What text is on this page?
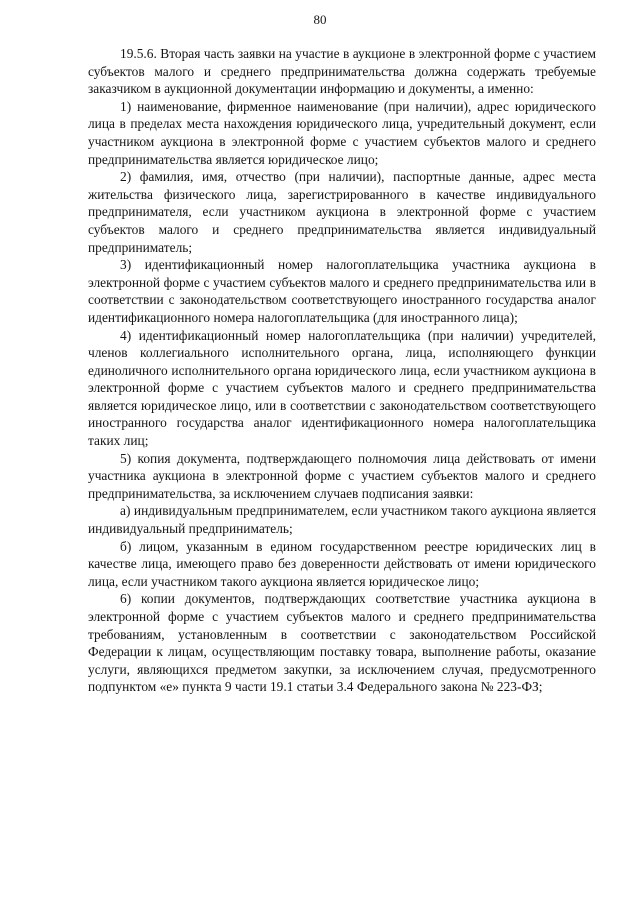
80

19.5.6. Вторая часть заявки на участие в аукционе в электронной форме с участием субъектов малого и среднего предпринимательства должна содержать требуемые заказчиком в аукционной документации информацию и документы, а именно:

1) наименование, фирменное наименование (при наличии), адрес юридического лица в пределах места нахождения юридического лица, учредительный документ, если участником аукциона в электронной форме с участием субъектов малого и среднего предпринимательства является юридическое лицо;

2) фамилия, имя, отчество (при наличии), паспортные данные, адрес места жительства физического лица, зарегистрированного в качестве индивидуального предпринимателя, если участником аукциона в электронной форме с участием субъектов малого и среднего предпринимательства является индивидуальный предприниматель;

3) идентификационный номер налогоплательщика участника аукциона в электронной форме с участием субъектов малого и среднего предпринимательства или в соответствии с законодательством соответствующего иностранного государства аналог идентификационного номера налогоплательщика (для иностранного лица);

4) идентификационный номер налогоплательщика (при наличии) учредителей, членов коллегиального исполнительного органа, лица, исполняющего функции единоличного исполнительного органа юридического лица, если участником аукциона в электронной форме с участием субъектов малого и среднего предпринимательства является юридическое лицо, или в соответствии с законодательством соответствующего иностранного государства аналог идентификационного номера налогоплательщика таких лиц;

5) копия документа, подтверждающего полномочия лица действовать от имени участника аукциона в электронной форме с участием субъектов малого и среднего предпринимательства, за исключением случаев подписания заявки:

а) индивидуальным предпринимателем, если участником такого аукциона является индивидуальный предприниматель;

б) лицом, указанным в едином государственном реестре юридических лиц в качестве лица, имеющего право без доверенности действовать от имени юридического лица, если участником такого аукциона является юридическое лицо;

6) копии документов, подтверждающих соответствие участника аукциона в электронной форме с участием субъектов малого и среднего предпринимательства требованиям, установленным в соответствии с законодательством Российской Федерации к лицам, осуществляющим поставку товара, выполнение работы, оказание услуги, являющихся предметом закупки, за исключением случая, предусмотренного подпунктом «е» пункта 9 части 19.1 статьи 3.4 Федерального закона № 223-ФЗ;
